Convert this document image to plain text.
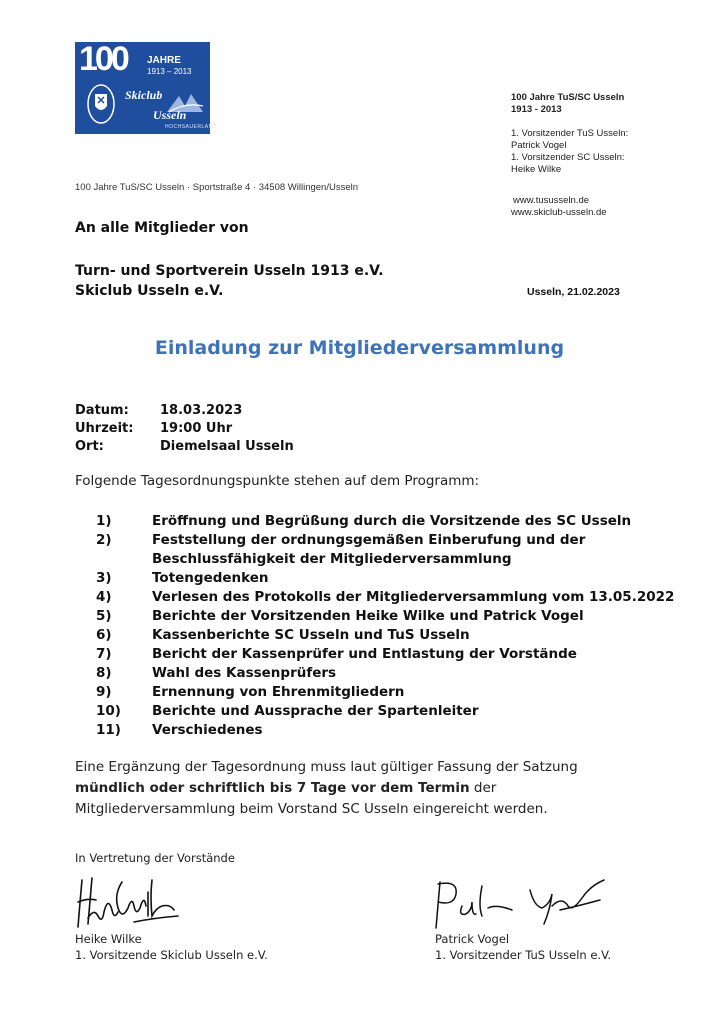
100 JAHRE
1913 – 2013
Skiclub
Usseln
HOCHSAUERLAND
100 Jahre TuS/SC Usseln
1913 - 2013
1. Vorsitzender TuS Usseln:
Patrick Vogel
1. Vorsitzender SC Usseln:
Heike Wilke
www.tususseln.de
www.skiclub-usseln.de
100 Jahre TuS/SC Usseln · Sportstraße 4 · 34508 Willingen/Usseln
An alle Mitglieder von
Turn- und Sportverein Usseln 1913 e.V.
Skiclub Usseln e.V.	Usseln, 21.02.2023
Einladung zur Mitgliederversammlung
Datum: 18.03.2023
Uhrzeit: 19:00 Uhr
Ort:	Diemelsaal Usseln
Folgende Tagesordnungspunkte stehen auf dem Programm:
1)	Eröffnung und Begrüßung durch die Vorsitzende des SC Usseln
2)	Feststellung der ordnungsgemäßen Einberufung und der Beschlussfähigkeit der Mitgliederversammlung
3)	Totengedenken
4)	Verlesen des Protokolls der Mitgliederversammlung vom 13.05.2022
5)	Berichte der Vorsitzenden Heike Wilke und Patrick Vogel
6)	Kassenberichte SC Usseln und TuS Usseln
7)	Bericht der Kassenprüfer und Entlastung der Vorstände
8)	Wahl des Kassenprüfers
9)	Ernennung von Ehrenmitgliedern
10)	Berichte und Aussprache der Spartenleiter
11)	Verschiedenes
Eine Ergänzung der Tagesordnung muss laut gültiger Fassung der Satzung
mündlich oder schriftlich bis 7 Tage vor dem Termin der
Mitgliederversammlung beim Vorstand SC Usseln eingereicht werden.
In Vertretung der Vorstände
Heike Wilke
1. Vorsitzende Skiclub Usseln e.V.
Patrick Vogel
1. Vorsitzender TuS Usseln e.V.
